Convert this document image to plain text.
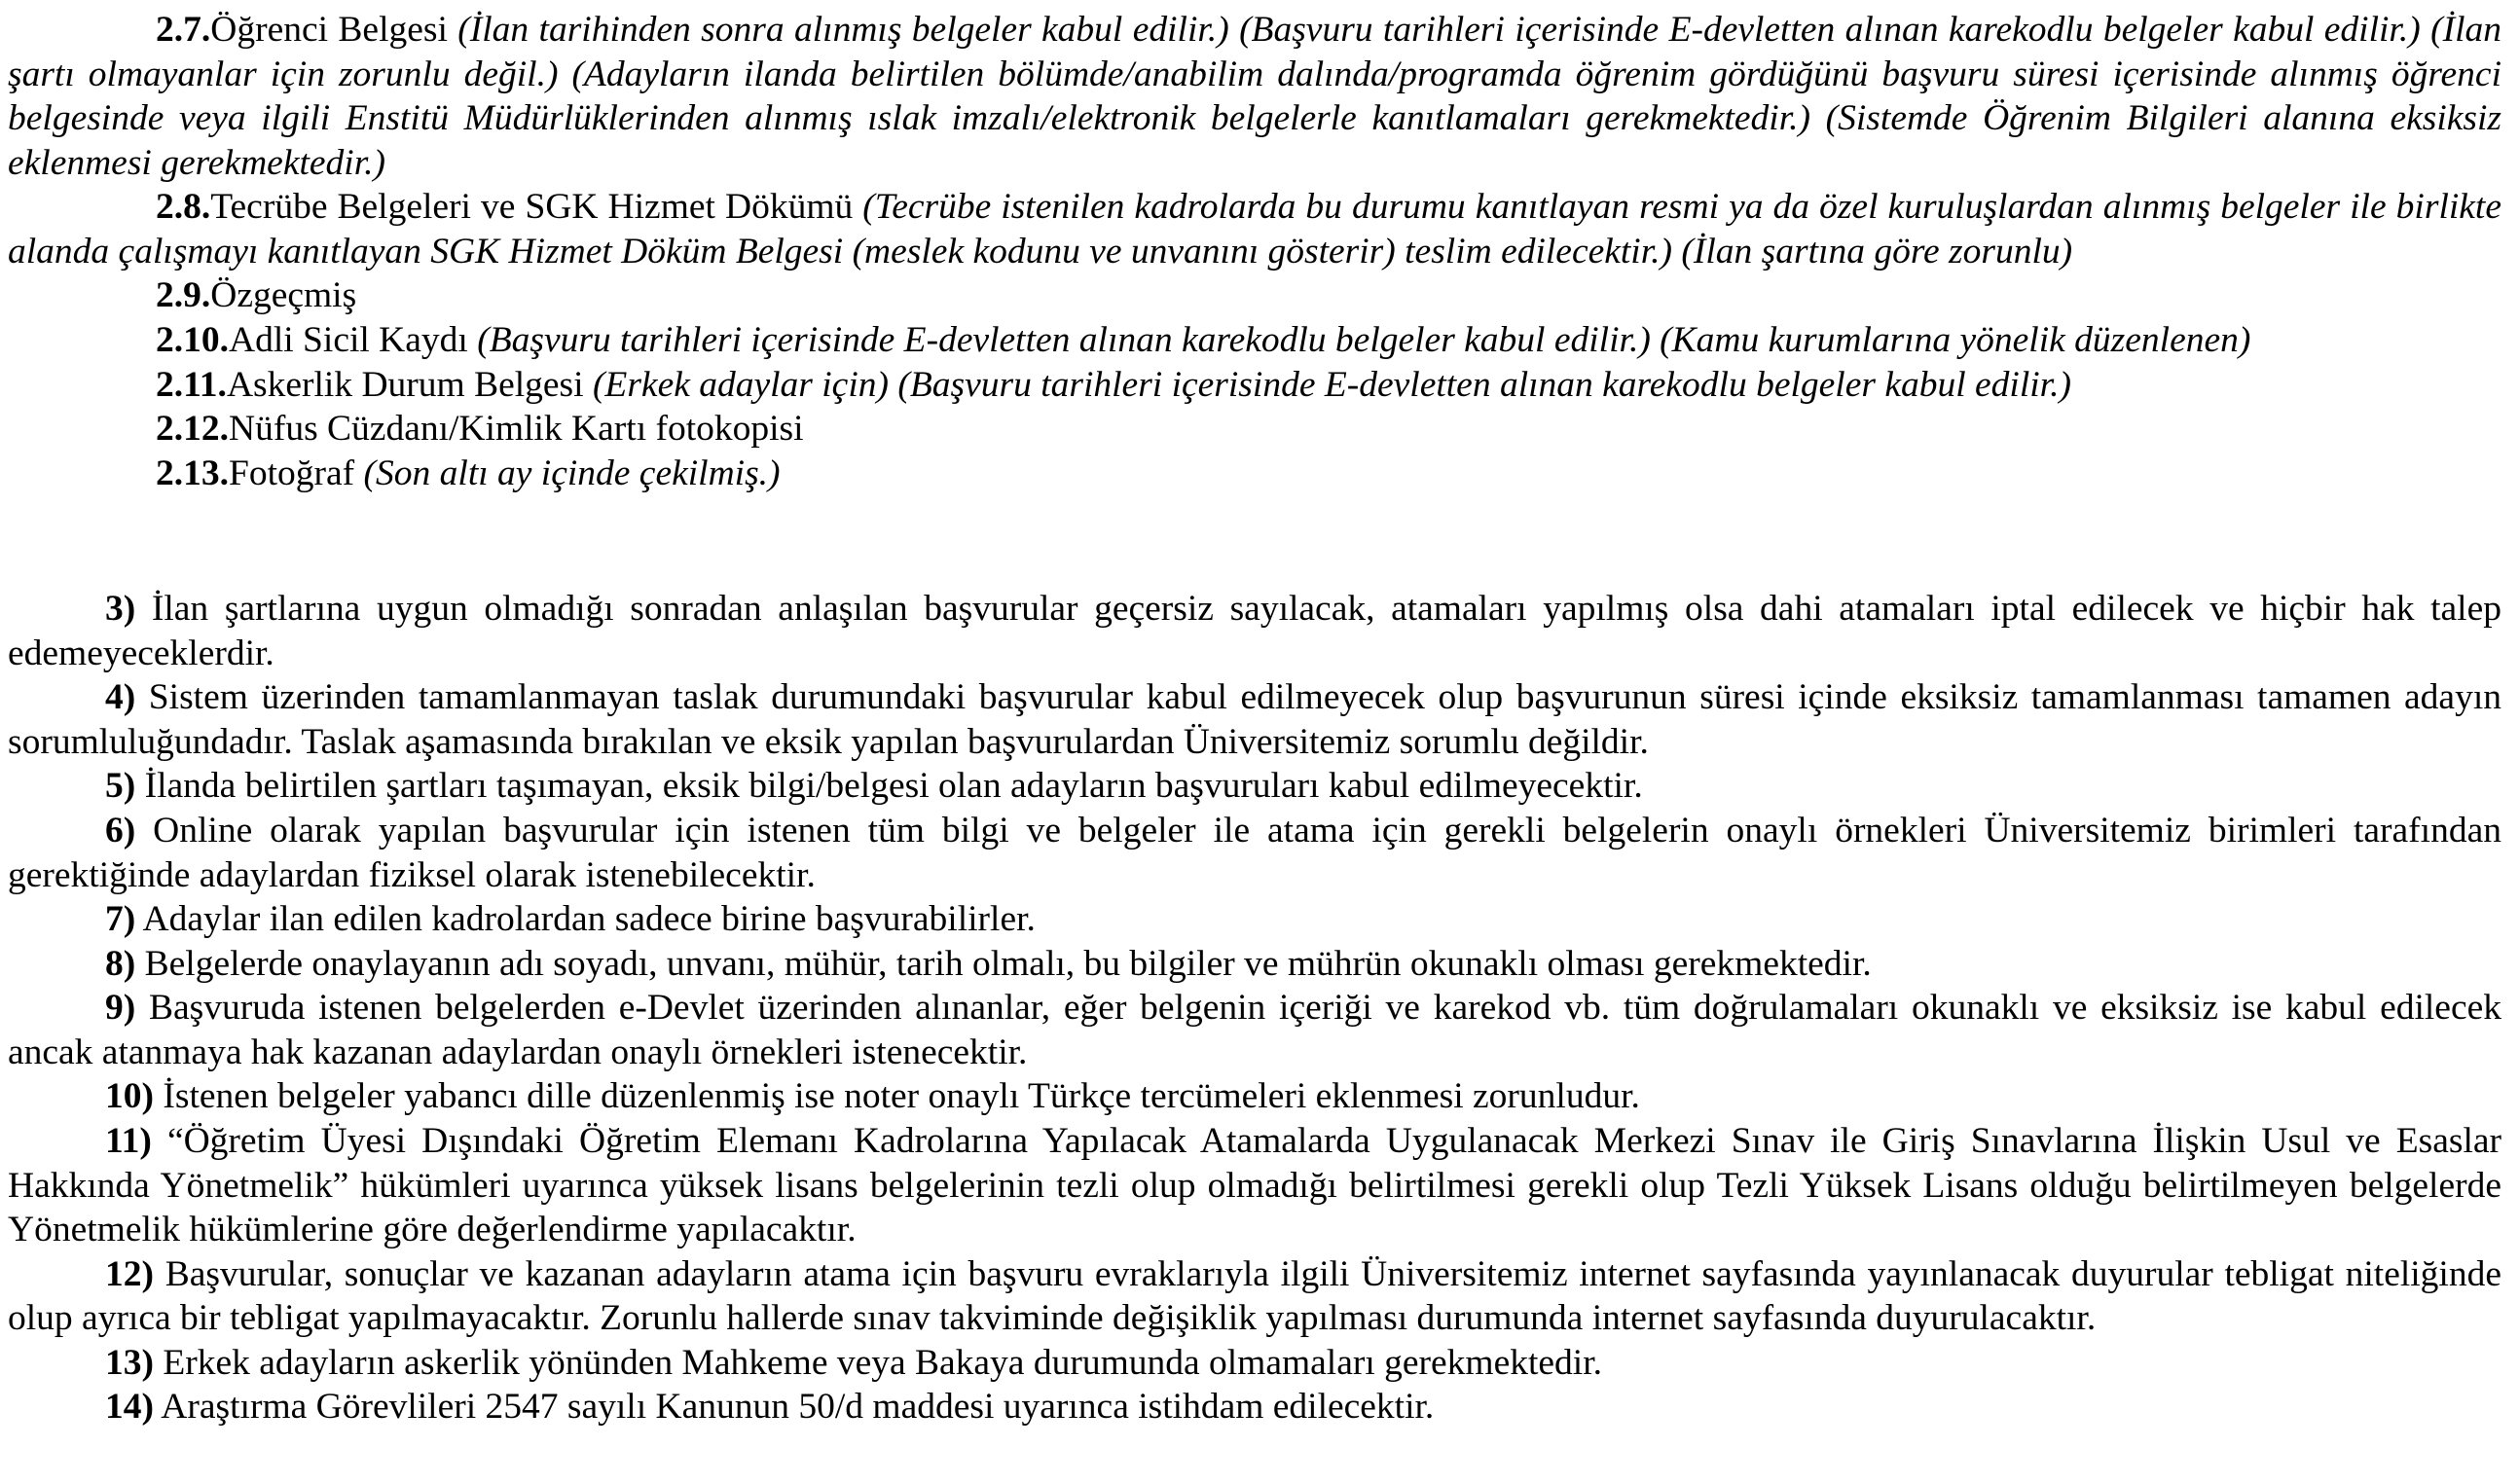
2.7.Öğrenci Belgesi (İlan tarihinden sonra alınmış belgeler kabul edilir.) (Başvuru tarihleri içerisinde E-devletten alınan karekodlu belgeler kabul edilir.) (İlan şartı olmayanlar için zorunlu değil.) (Adayların ilanda belirtilen bölümde/anabilim dalında/programda öğrenim gördüğünü başvuru süresi içerisinde alınmış öğrenci belgesinde veya ilgili Enstitü Müdürlüklerinden alınmış ıslak imzalı/elektronik belgelerle kanıtlamaları gerekmektedir.) (Sistemde Öğrenim Bilgileri alanına eksiksiz eklenmesi gerekmektedir.)

2.8.Tecrübe Belgeleri ve SGK Hizmet Dökümü (Tecrübe istenilen kadrolarda bu durumu kanıtlayan resmi ya da özel kuruluşlardan alınmış belgeler ile birlikte alanda çalışmayı kanıtlayan SGK Hizmet Döküm Belgesi (meslek kodunu ve unvanını gösterir) teslim edilecektir.) (İlan şartına göre zorunlu)

2.9.Özgeçmiş

2.10.Adli Sicil Kaydı (Başvuru tarihleri içerisinde E-devletten alınan karekodlu belgeler kabul edilir.) (Kamu kurumlarına yönelik düzenlenen)

2.11.Askerlik Durum Belgesi (Erkek adaylar için) (Başvuru tarihleri içerisinde E-devletten alınan karekodlu belgeler kabul edilir.)

2.12.Nüfus Cüzdanı/Kimlik Kartı fotokopisi

2.13.Fotoğraf (Son altı ay içinde çekilmiş.)

3) İlan şartlarına uygun olmadığı sonradan anlaşılan başvurular geçersiz sayılacak, atamaları yapılmış olsa dahi atamaları iptal edilecek ve hiçbir hak talep edemeyeceklerdir.

4) Sistem üzerinden tamamlanmayan taslak durumundaki başvurular kabul edilmeyecek olup başvurunun süresi içinde eksiksiz tamamlanması tamamen adayın sorumluluğundadır. Taslak aşamasında bırakılan ve eksik yapılan başvurulardan Üniversitemiz sorumlu değildir.

5) İlanda belirtilen şartları taşımayan, eksik bilgi/belgesi olan adayların başvuruları kabul edilmeyecektir.

6) Online olarak yapılan başvurular için istenen tüm bilgi ve belgeler ile atama için gerekli belgelerin onaylı örnekleri Üniversitemiz birimleri tarafından gerektiğinde adaylardan fiziksel olarak istenebilecektir.

7) Adaylar ilan edilen kadrolardan sadece birine başvurabilirler.

8) Belgelerde onaylayanın adı soyadı, unvanı, mühür, tarih olmalı, bu bilgiler ve mührün okunaklı olması gerekmektedir.

9) Başvuruda istenen belgelerden e-Devlet üzerinden alınanlar, eğer belgenin içeriği ve karekod vb. tüm doğrulamaları okunaklı ve eksiksiz ise kabul edilecek ancak atanmaya hak kazanan adaylardan onaylı örnekleri istenecektir.

10) İstenen belgeler yabancı dille düzenlenmiş ise noter onaylı Türkçe tercümeleri eklenmesi zorunludur.

11) “Öğretim Üyesi Dışındaki Öğretim Elemanı Kadrolarına Yapılacak Atamalarda Uygulanacak Merkezi Sınav ile Giriş Sınavlarına İlişkin Usul ve Esaslar Hakkında Yönetmelik” hükümleri uyarınca yüksek lisans belgelerinin tezli olup olmadığı belirtilmesi gerekli olup Tezli Yüksek Lisans olduğu belirtilmeyen belgelerde Yönetmelik hükümlerine göre değerlendirme yapılacaktır.

12) Başvurular, sonuçlar ve kazanan adayların atama için başvuru evraklarıyla ilgili Üniversitemiz internet sayfasında yayınlanacak duyurular tebligat niteliğinde olup ayrıca bir tebligat yapılmayacaktır. Zorunlu hallerde sınav takviminde değişiklik yapılması durumunda internet sayfasında duyurulacaktır.

13) Erkek adayların askerlik yönünden Mahkeme veya Bakaya durumunda olmamaları gerekmektedir.

14) Araştırma Görevlileri 2547 sayılı Kanunun 50/d maddesi uyarınca istihdam edilecektir.
